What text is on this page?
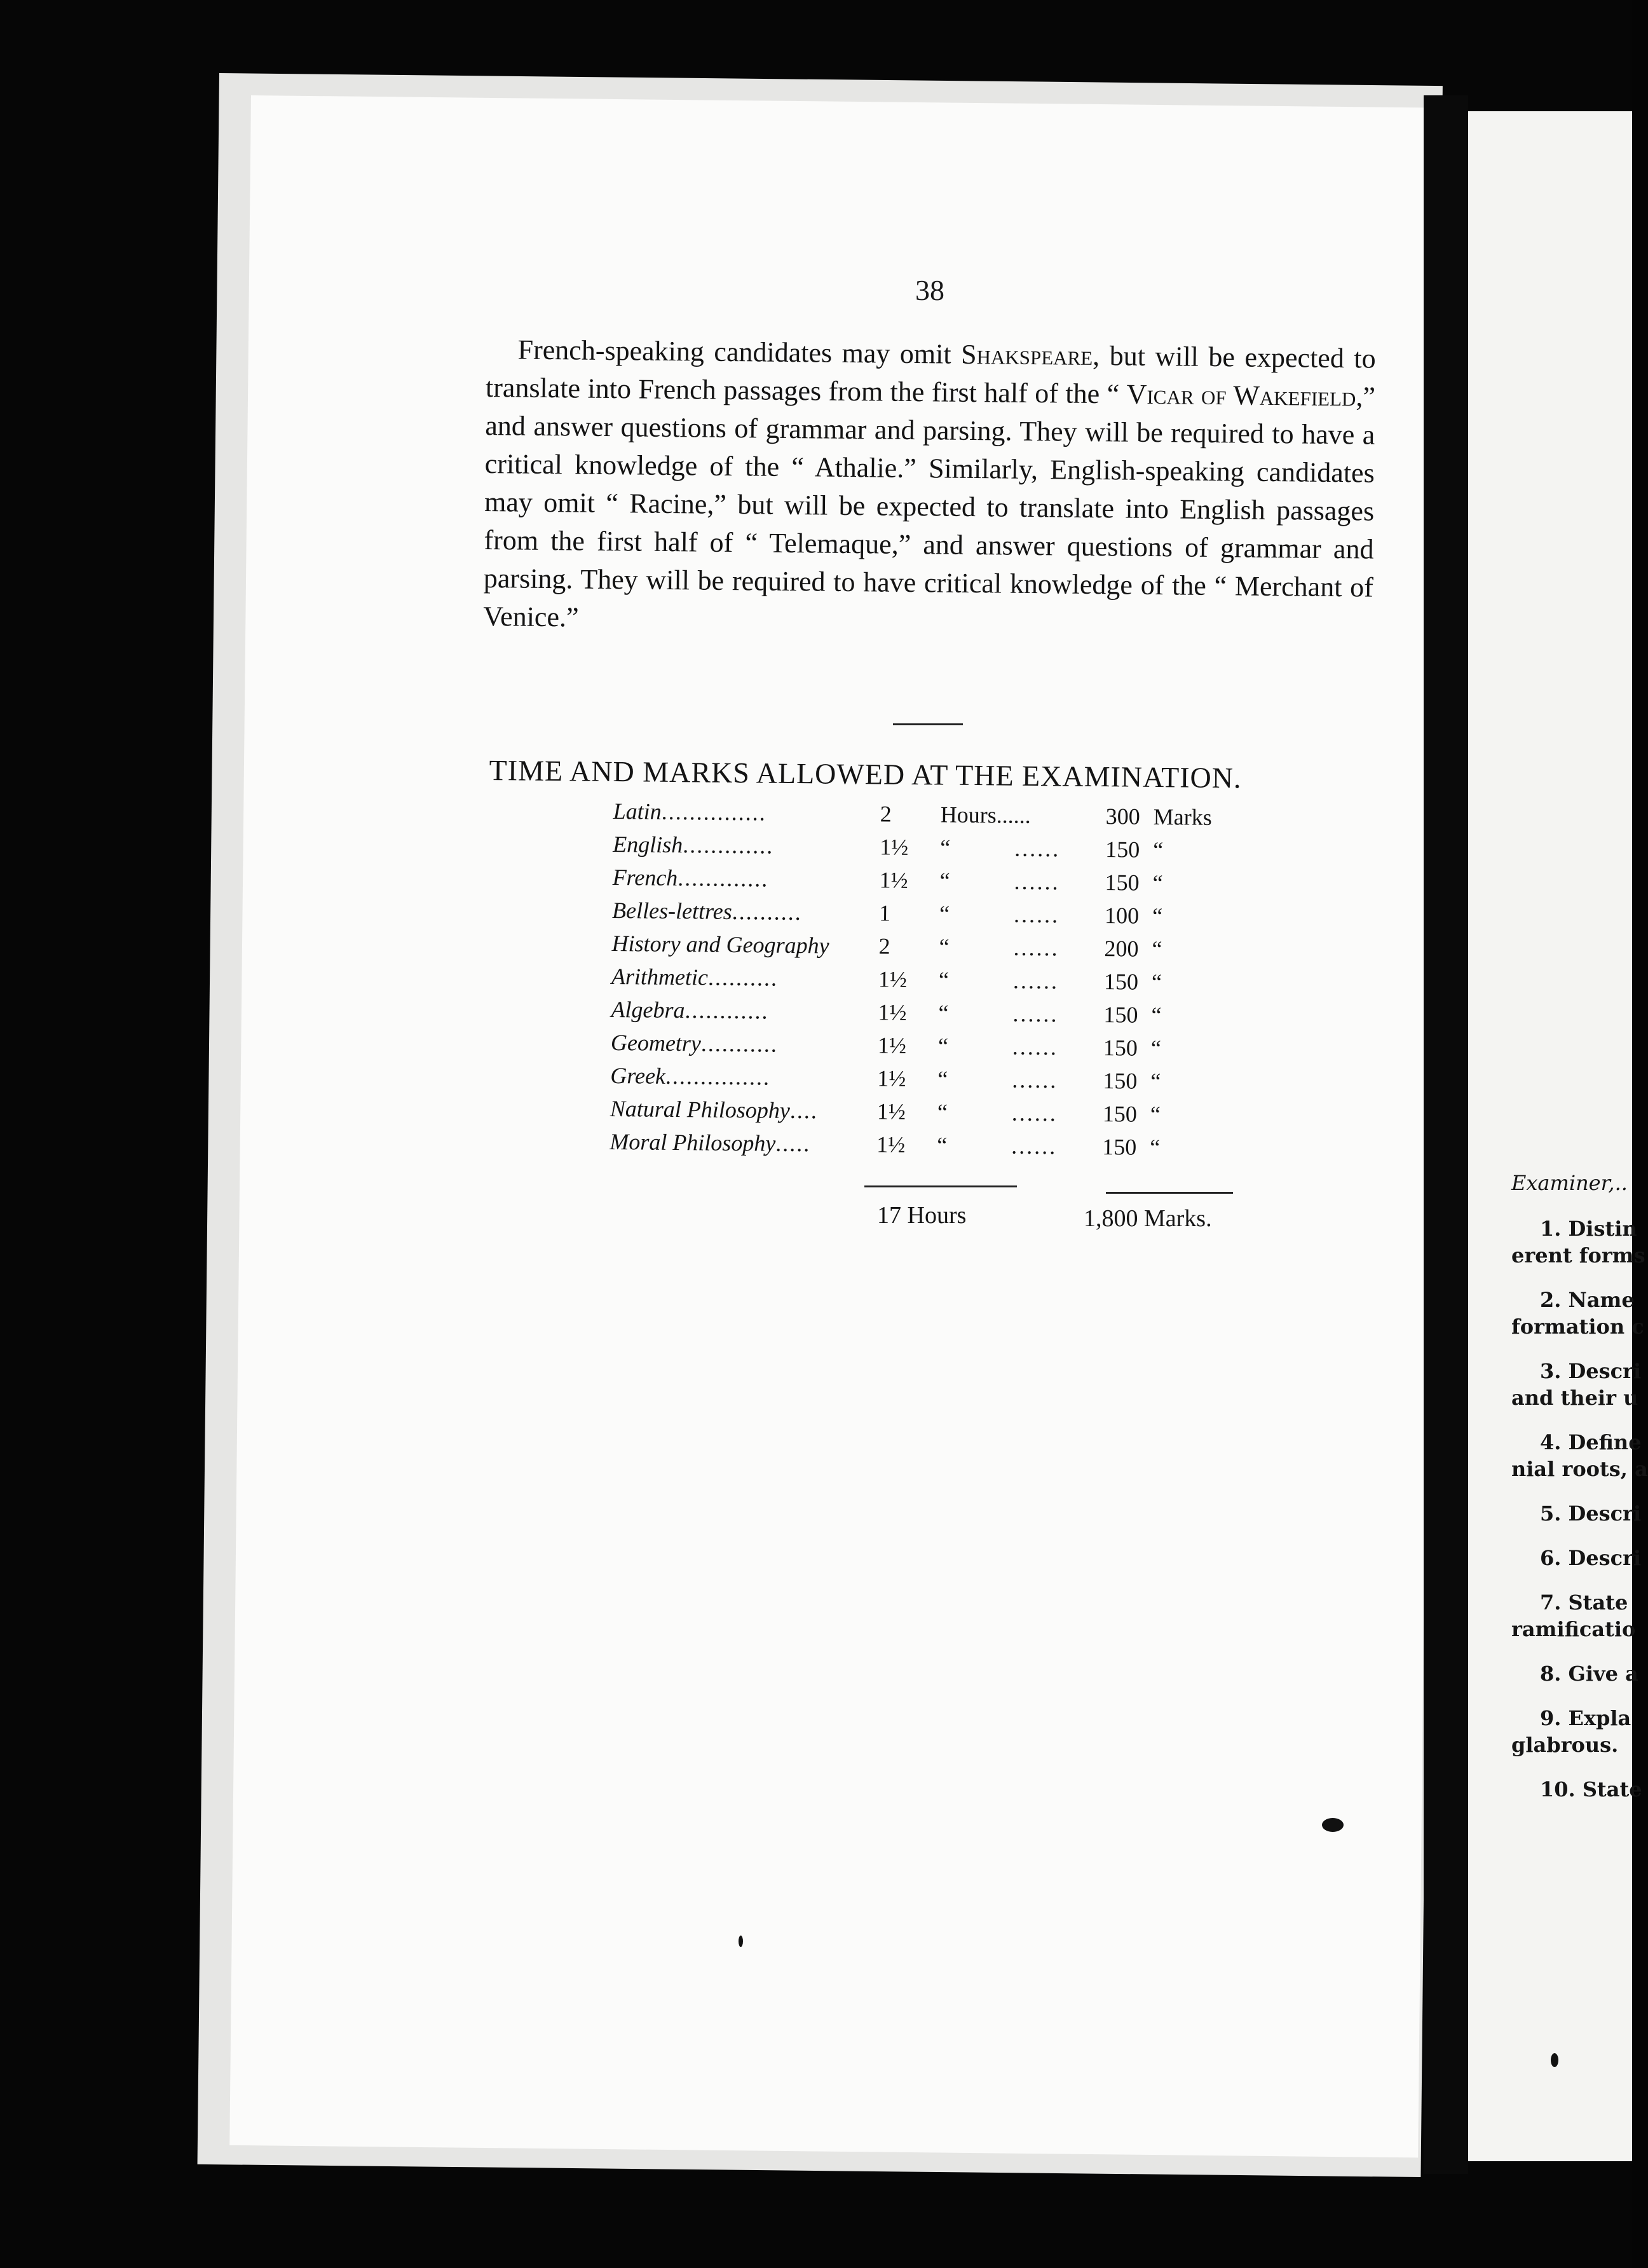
38

French-speaking candidates may omit Shakspeare, but will be expected to translate into French passages from the first half of the “ Vicar of Wakefield,” and answer questions of grammar and parsing. They will be required to have a critical knowledge of the “ Athalie.” Similarly, English-speaking candidates may omit “ Racine,” but will be expected to translate into English passages from the first half of “ Telemaque,” and answer questions of grammar and parsing. They will be required to have critical knowledge of the “ Merchant of Venice.”

TIME AND MARKS ALLOWED AT THE EXAMINATION.
Latin...............	2	Hours......	300 Marks
English.............	1½	“	...... 150 “
French.............	1½	“	...... 150 “
Belles-lettres..........	1	“	...... 100 “
History and Geography 2	“	...... 200 “
Arithmetic..........	1½	“	...... 150 “
Algebra............	1½	“	...... 150 “
Geometry...........	1½	“	...... 150 “
Greek...............	1½	“	...... 150 “
Natural Philosophy....	1½	“	...... 150 “
Moral Philosophy.....	1½	“	...... 150 “
17 Hours	1,800 Marks.
Examiner,..
1. Distin
erent forms
2. Name
formation c
3. Descri
and their u
4. Define
nial roots, a
5. Descri
6. Descri
7. State
ramificatio
8. Give a
9. Expla
glabrous.
10. State
